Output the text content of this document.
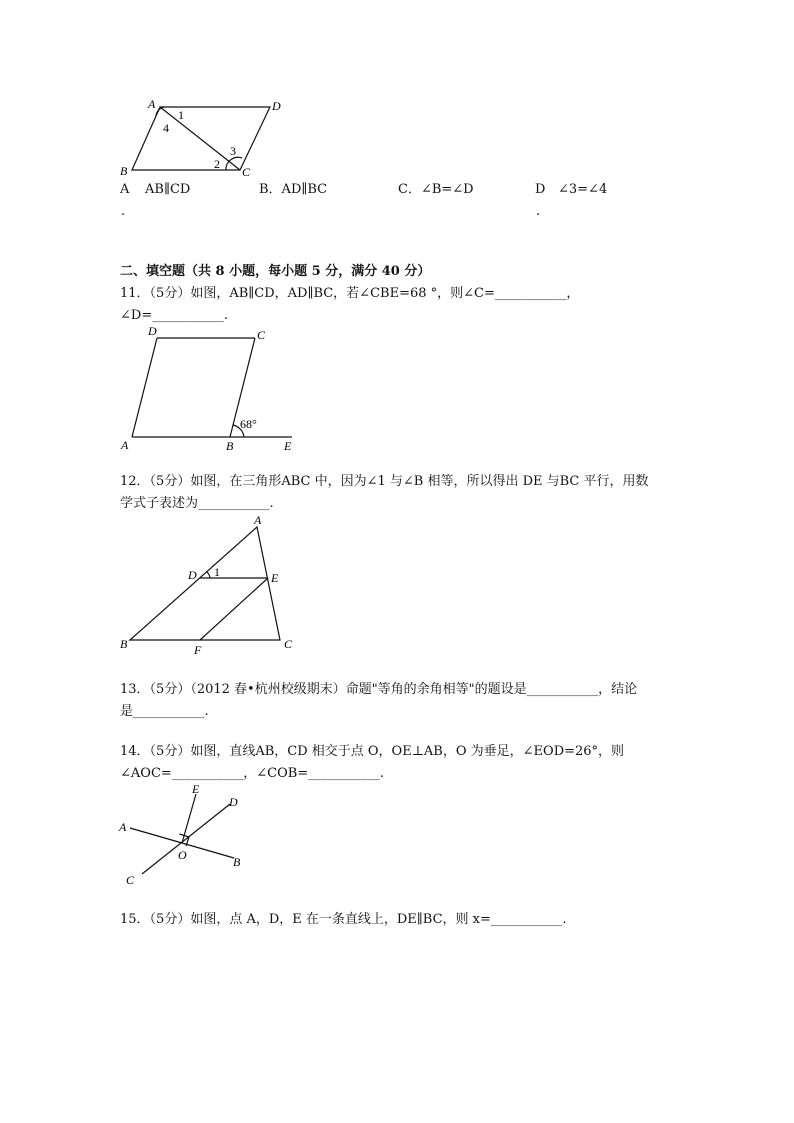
A	D
B	C
1
4
2
3
A
.
AB∥CD	B．AD∥BC	C．∠B=∠D	D
.
∠3=∠4
二、填空题（共 8 小题，每小题 5 分，满分 40 分）
11．（5分）如图，AB∥CD，AD∥BC，若∠CBE=68 °，则∠C=___________，
∠D=___________.
D	C
A	B	E
68°
12．（5分）如图，在三角形ABC 中，因为∠1 与∠B 相等，所以得出 DE 与BC 平行，用数
学式子表述为___________.
A
D	E
B	F	C
1
13．（5分）（2012 春•杭州校级期末）命题"等角的余角相等"的题设是___________，结论
是___________.
14．（5分）如图，直线AB，CD 相交于点 O，OE⊥AB，O 为垂足，∠EOD=26°，则
∠AOC=___________，∠COB=___________.
E
D
A
O	B
C
15．（5分）如图，点 A，D，E 在一条直线上，DE∥BC，则 x=___________.
